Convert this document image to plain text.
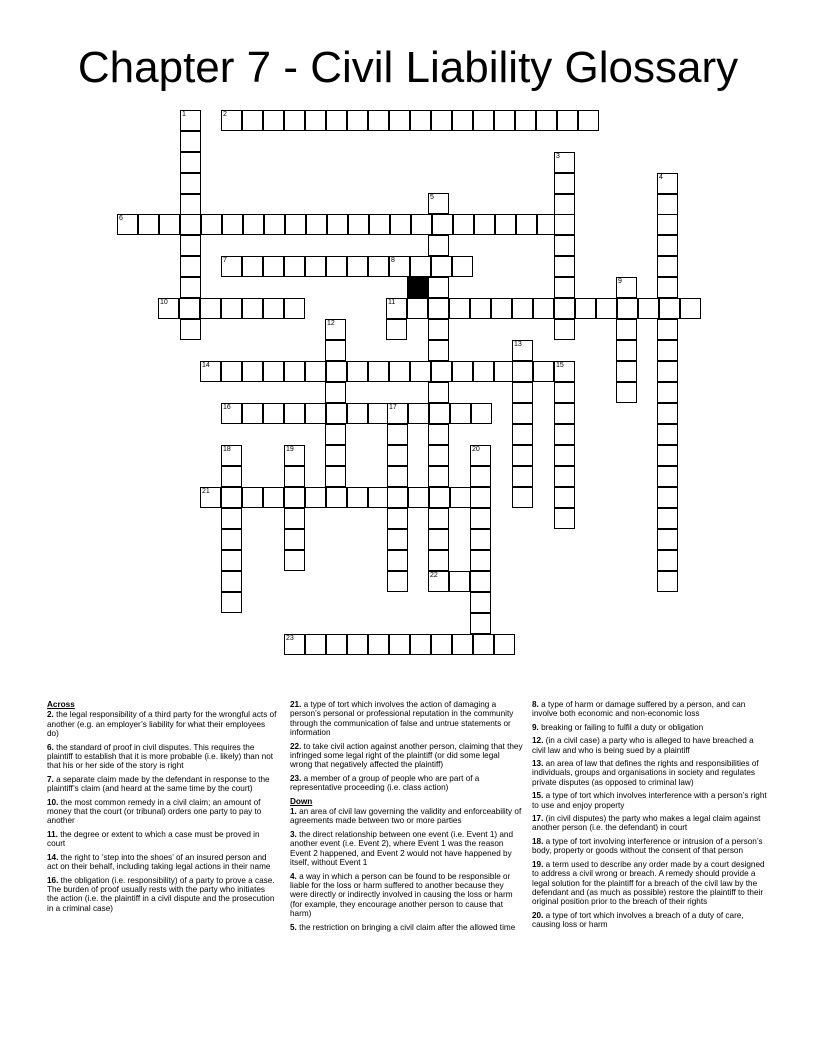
Chapter 7 - Civil Liability Glossary
1	2
6
3
4
5
7	8
10	11
9
12
13
14	15
16	17
18	19	20
21
22
23
Across
2. the legal responsibility of a third party for the wrongful acts of another (e.g. an employer’s liability for what their employees do)
6. the standard of proof in civil disputes. This requires the plaintiff to establish that it is more probable (i.e. likely) than not that his or her side of the story is right
7. a separate claim made by the defendant in response to the plaintiff’s claim (and heard at the same time by the court)
10. the most common remedy in a civil claim; an amount of money that the court (or tribunal) orders one party to pay to another
11. the degree or extent to which a case must be proved in court
14. the right to ‘step into the shoes’ of an insured person and act on their behalf, including taking legal actions in their name
16. the obligation (i.e. responsibility) of a party to prove a case. The burden of proof usually rests with the party who initiates the action (i.e. the plaintiff in a civil dispute and the prosecution in a criminal case)
21. a type of tort which involves the action of damaging a person’s personal or professional reputation in the community through the communication of false and untrue statements or information
22. to take civil action against another person, claiming that they infringed some legal right of the plaintiff (or did some legal wrong that negatively affected the plaintiff)
23. a member of a group of people who are part of a representative proceeding (i.e. class action)
Down
1. an area of civil law governing the validity and enforceability of agreements made between two or more parties
3. the direct relationship between one event (i.e. Event 1) and another event (i.e. Event 2), where Event 1 was the reason Event 2 happened, and Event 2 would not have happened by itself, without Event 1
4. a way in which a person can be found to be responsible or liable for the loss or harm suffered to another because they were directly or indirectly involved in causing the loss or harm (for example, they encourage another person to cause that harm)
5. the restriction on bringing a civil claim after the allowed time
8. a type of harm or damage suffered by a person, and can involve both economic and non-economic loss
9. breaking or failing to fulfil a duty or obligation
12. (in a civil case) a party who is alleged to have breached a civil law and who is being sued by a plaintiff
13. an area of law that defines the rights and responsibilities of individuals, groups and organisations in society and regulates private disputes (as opposed to criminal law)
15. a type of tort which involves interference with a person’s right to use and enjoy property
17. (in civil disputes) the party who makes a legal claim against another person (i.e. the defendant) in court
18. a type of tort involving interference or intrusion of a person’s body, property or goods without the consent of that person
19. a term used to describe any order made by a court designed to address a civil wrong or breach. A remedy should provide a legal solution for the plaintiff for a breach of the civil law by the defendant and (as much as possible) restore the plaintiff to their original position prior to the breach of their rights
20. a type of tort which involves a breach of a duty of care, causing loss or harm
